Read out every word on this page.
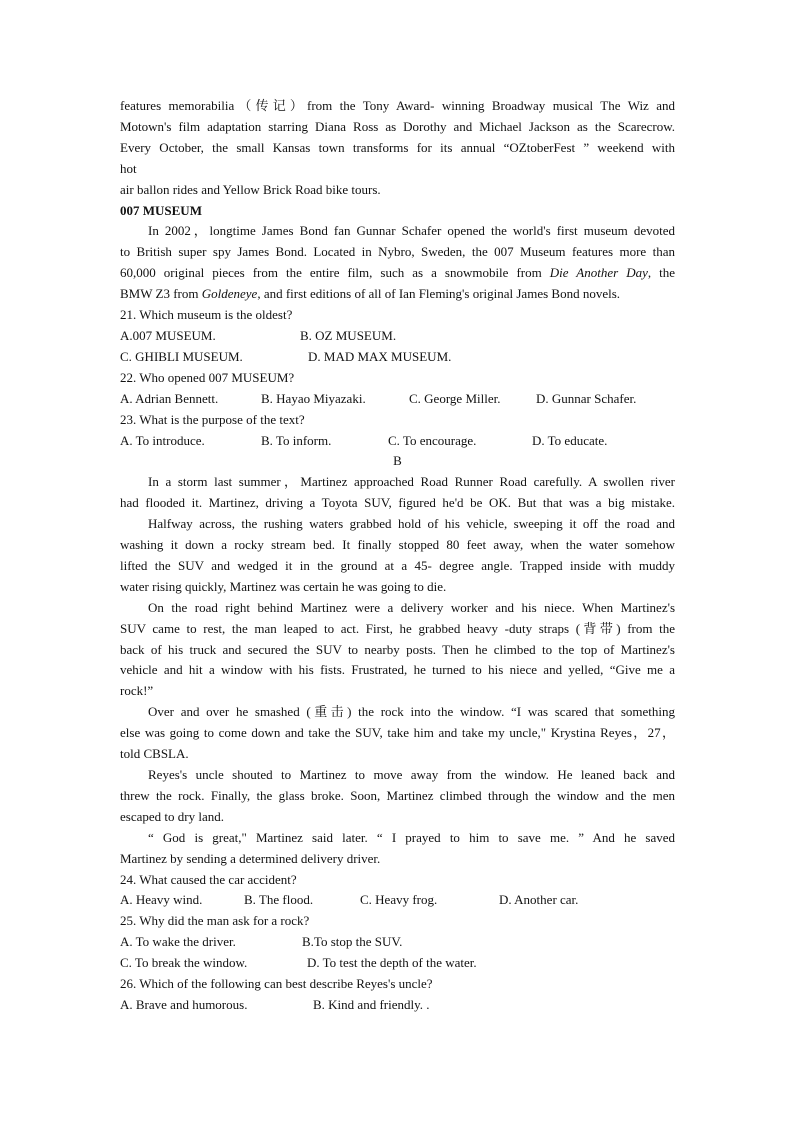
features memorabilia（传记）from the Tony Award- winning Broadway musical The Wiz and

Motown's film adaptation starring Diana Ross as Dorothy and Michael Jackson as the Scarecrow.

Every October, the small Kansas town transforms for its annual “OZtoberFest ” weekend with

hot

air ballon rides and Yellow Brick Road bike tours.

007 MUSEUM

In 2002，longtime James Bond fan Gunnar Schafer opened the world's first museum devoted

to British super spy James Bond. Located in Nybro, Sweden, the 007 Museum features more than

60,000 original pieces from the entire film, such as a snowmobile from Die Another Day, the

BMW Z3 from Goldeneye, and first editions of all of Ian Fleming's original James Bond novels.

21. Which museum is the oldest?

A.007 MUSEUM.	B. OZ MUSEUM.
C. GHIBLI MUSEUM.	D. MAD MAX MUSEUM.

22. Who opened 007 MUSEUM?

A. Adrian Bennett.	B. Hayao Miyazaki.	C. George Miller.	D. Gunnar Schafer.

23. What is the purpose of the text?

A. To introduce.	B. To inform.	C. To encourage.	D. To educate.

B

In a storm last summer，Martinez approached Road Runner Road carefully. A swollen river

had flooded it. Martinez, driving a Toyota SUV, figured he'd be OK. But that was a big mistake.

Halfway across, the rushing waters grabbed hold of his vehicle, sweeping it off the road and

washing it down a rocky stream bed. It finally stopped 80 feet away, when the water somehow

lifted the SUV and wedged it in the ground at a 45- degree angle. Trapped inside with muddy

water rising quickly, Martinez was certain he was going to die.

On the road right behind Martinez were a delivery worker and his niece. When Martinez's

SUV came to rest, the man leaped to act. First, he grabbed heavy -duty straps (背带) from the

back of his truck and secured the SUV to nearby posts. Then he climbed to the top of Martinez's

vehicle and hit a window with his fists. Frustrated, he turned to his niece and yelled, “Give me a

rock!”

Over and over he smashed (重击) the rock into the window. “I was scared that something

else was going to come down and take the SUV, take him and take my uncle," Krystina Reyes，27，

told CBSLA.

Reyes's uncle shouted to Martinez to move away from the window. He leaned back and

threw the rock. Finally, the glass broke. Soon, Martinez climbed through the window and the men

escaped to dry land.

“ God is great," Martinez said later. “ I prayed to him to save me. ” And he saved

Martinez by sending a determined delivery driver.

24. What caused the car accident?

A. Heavy wind.	B. The flood.	C. Heavy frog.	D. Another car.

25. Why did the man ask for a rock?

A. To wake the driver.	B.To stop the SUV.
C. To break the window.	D. To test the depth of the water.

26. Which of the following can best describe Reyes's uncle?

A. Brave and humorous.	B. Kind and friendly. .
